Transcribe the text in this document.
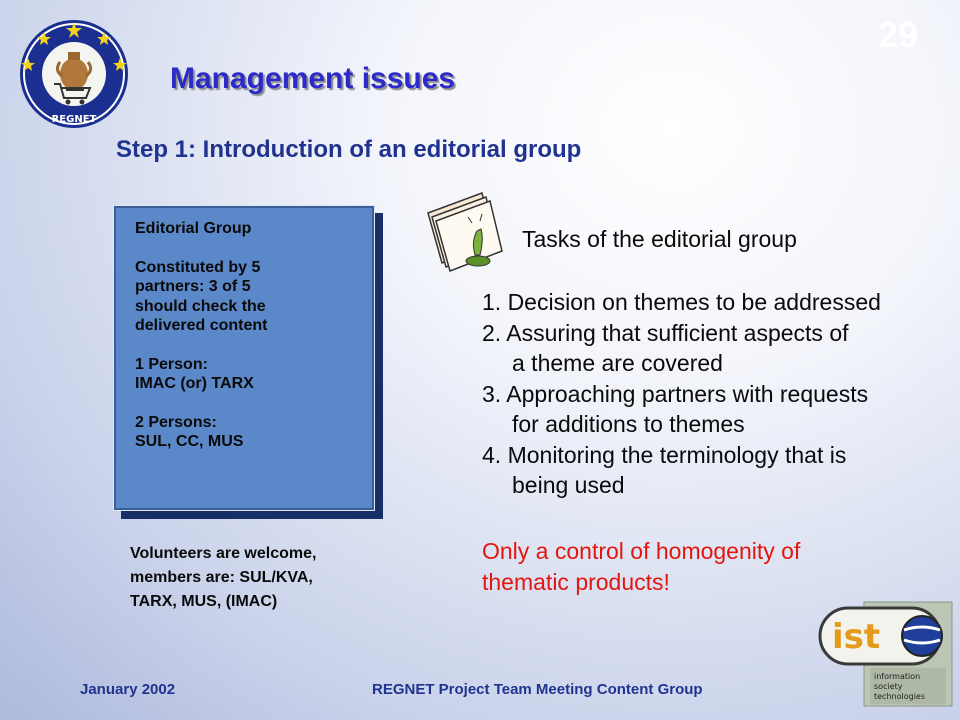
REGNET
29
Management issues
Step 1: Introduction of an editorial group
Editorial Group
Constituted by 5
partners: 3 of 5
should check the
delivered content
1 Person:
IMAC (or) TARX
2 Persons:
SUL, CC, MUS
Volunteers are welcome,
members are: SUL/KVA,
TARX, MUS, (IMAC)
Tasks of the editorial group
1. Decision on themes to be addressed
2. Assuring that sufficient aspects of
a theme are covered
3. Approaching partners with requests
for additions to themes
4. Monitoring the terminology that is
being used
Only a control of homogenity of
thematic products!
ist
information
society
technologies
January 2002	REGNET Project Team Meeting Content Group
